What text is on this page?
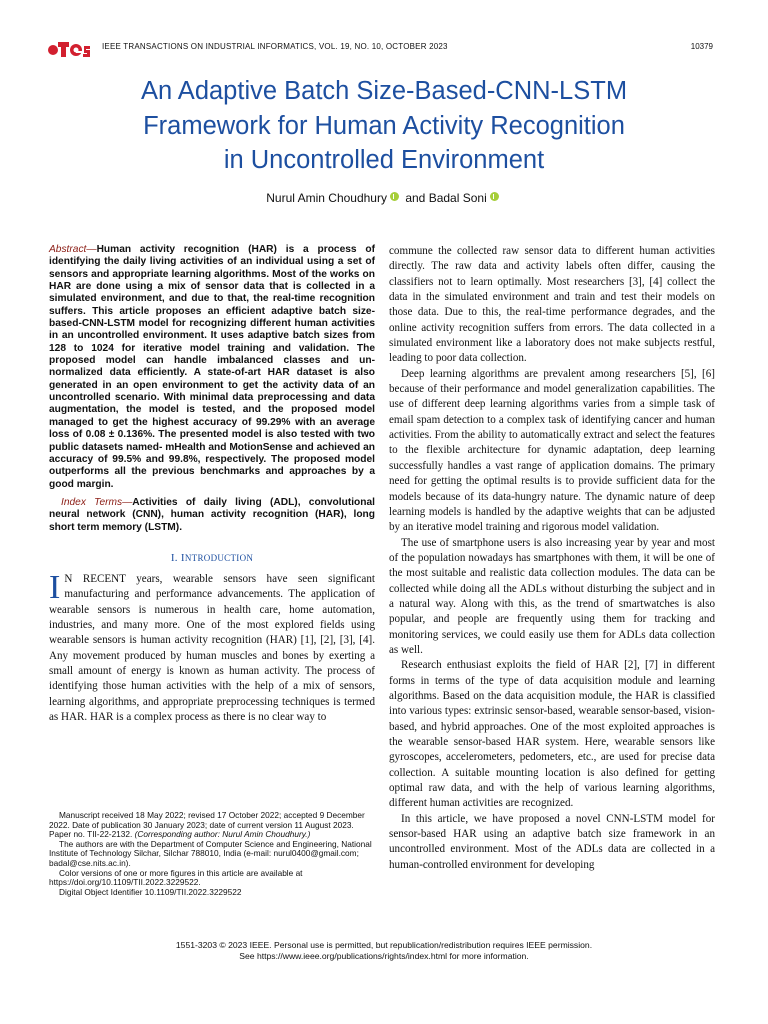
IEEE TRANSACTIONS ON INDUSTRIAL INFORMATICS, VOL. 19, NO. 10, OCTOBER 2023	10379
An Adaptive Batch Size-Based-CNN-LSTM
Framework for Human Activity Recognition
in Uncontrolled Environment
Nurul Amin Choudhury and Badal Soni

Abstract—Human activity recognition (HAR) is a process of identifying the daily living activities of an individual using a set of sensors and appropriate learning algorithms. Most of the works on HAR are done using a mix of sensor data that is collected in a simulated environment, and due to that, the real-time recognition suffers. This article proposes an efficient adaptive batch size-based-CNN-LSTM model for recognizing different human activities in an uncontrolled environment. It uses adaptive batch sizes from 128 to 1024 for iterative model training and validation. The proposed model can handle imbalanced classes and un-normalized data efficiently. A state-of-art HAR dataset is also generated in an open environment to get the activity data of an uncontrolled scenario. With minimal data preprocessing and data augmentation, the model is tested, and the proposed model managed to get the highest accuracy of 99.29% with an average loss of 0.08 ± 0.136%. The presented model is also tested with two public datasets named- mHealth and MotionSense and achieved an accuracy of 99.5% and 99.8%, respectively. The proposed model outperforms all the previous benchmarks and approaches by a good margin.

Index Terms—Activities of daily living (ADL), convolutional neural network (CNN), human activity recognition (HAR), long short term memory (LSTM).

I. INTRODUCTION

I N RECENT years, wearable sensors have seen significant manufacturing and performance advancements. The application of wearable sensors is numerous in health care, home automation, industries, and many more. One of the most explored fields using wearable sensors is human activity recognition (HAR) [1], [2], [3], [4]. Any movement produced by human muscles and bones by exerting a small amount of energy is known as human activity. The process of identifying those human activities with the help of a mix of sensors, learning algorithms, and appropriate preprocessing techniques is termed as HAR. HAR is a complex process as there is no clear way to

Manuscript received 18 May 2022; revised 17 October 2022; accepted 9 December 2022. Date of publication 30 January 2023; date of current version 11 August 2023. Paper no. TII-22-2132. (Corresponding author: Nurul Amin Choudhury.)

The authors are with the Department of Computer Science and Engineering, National Institute of Technology Silchar, Silchar 788010, India (e-mail: nurul0400@gmail.com; badal@cse.nits.ac.in).

Color versions of one or more figures in this article are available at https://doi.org/10.1109/TII.2022.3229522.

Digital Object Identifier 10.1109/TII.2022.3229522

commune the collected raw sensor data to different human activities directly. The raw data and activity labels often differ, causing the classifiers not to learn optimally. Most researchers [3], [4] collect the data in the simulated environment and train and test their models on those data. Due to this, the real-time performance degrades, and the online activity recognition suffers from errors. The data collected in a simulated environment like a laboratory does not make subjects restful, leading to poor data collection.

Deep learning algorithms are prevalent among researchers [5], [6] because of their performance and model generalization capabilities. The use of different deep learning algorithms varies from a simple task of email spam detection to a complex task of identifying cancer and human activities. From the ability to automatically extract and select the features to the flexible architecture for dynamic adaptation, deep learning successfully handles a vast range of application domains. The primary need for getting the optimal results is to provide sufficient data for the models because of its data-hungry nature. The dynamic nature of deep learning models is handled by the adaptive weights that can be adjusted by an iterative model training and rigorous model validation.

The use of smartphone users is also increasing year by year and most of the population nowadays has smartphones with them, it will be one of the most suitable and realistic data collection modules. The data can be collected while doing all the ADLs without disturbing the subject and in a natural way. Along with this, as the trend of smartwatches is also popular, and people are frequently using them for tracking and monitoring services, we could easily use them for ADLs data collection as well.

Research enthusiast exploits the field of HAR [2], [7] in different forms in terms of the type of data acquisition module and learning algorithms. Based on the data acquisition module, the HAR is classified into various types: extrinsic sensor-based, wearable sensor-based, vision-based, and hybrid approaches. One of the most exploited approaches is the wearable sensor-based HAR system. Here, wearable sensors like gyroscopes, accelerometers, pedometers, etc., are used for precise data collection. A suitable mounting location is also defined for getting optimal raw data, and with the help of various learning algorithms, different human activities are recognized.

In this article, we have proposed a novel CNN-LSTM model for sensor-based HAR using an adaptive batch size framework in an uncontrolled environment. Most of the ADLs data are collected in a human-controlled environment for developing

1551-3203 © 2023 IEEE. Personal use is permitted, but republication/redistribution requires IEEE permission.
See https://www.ieee.org/publications/rights/index.html for more information.
